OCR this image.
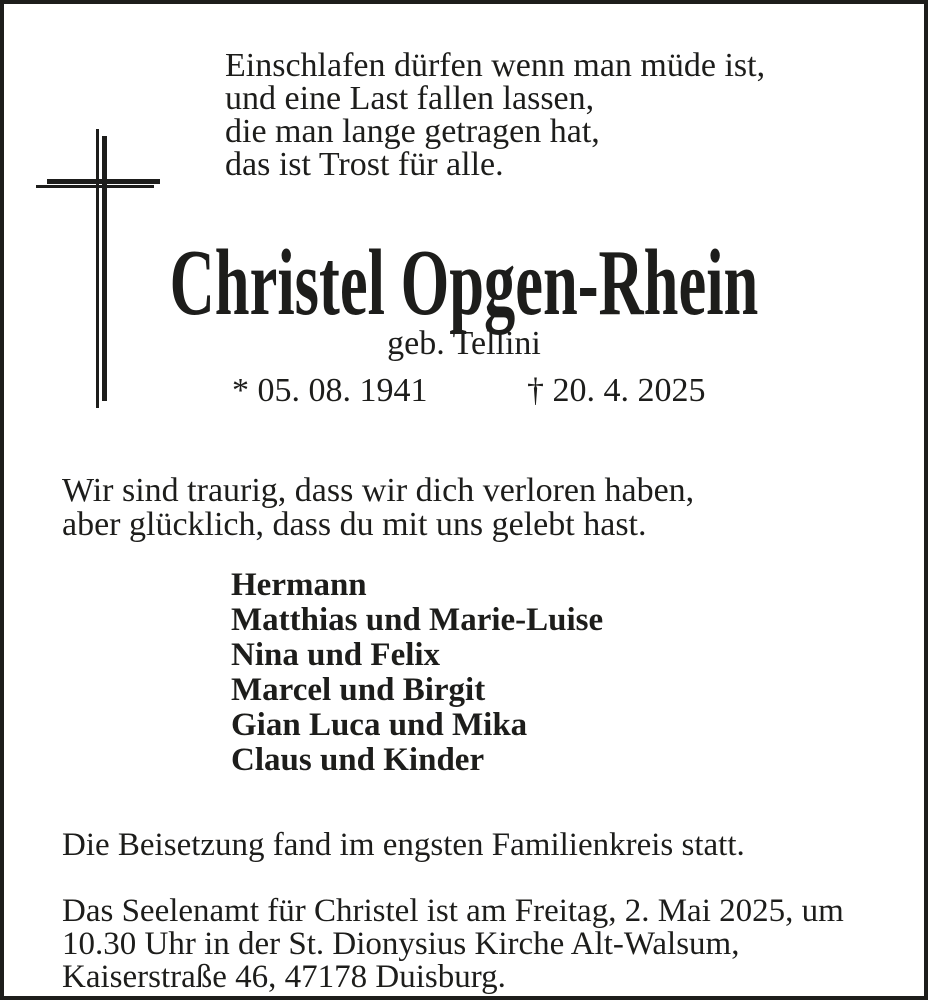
Einschlafen dürfen wenn man müde ist,
und eine Last fallen lassen,
die man lange getragen hat,
das ist Trost für alle.
Christel Opgen-Rhein
geb. Tellini
* 05. 08. 1941	† 20. 4. 2025
Wir sind traurig, dass wir dich verloren haben,
aber glücklich, dass du mit uns gelebt hast.
Hermann
Matthias und Marie-Luise
Nina und Felix
Marcel und Birgit
Gian Luca und Mika
Claus und Kinder
Die Beisetzung fand im engsten Familienkreis statt.
Das Seelenamt für Christel ist am Freitag, 2. Mai 2025, um
10.30 Uhr in der St. Dionysius Kirche Alt-Walsum,
Kaiserstraße 46, 47178 Duisburg.
